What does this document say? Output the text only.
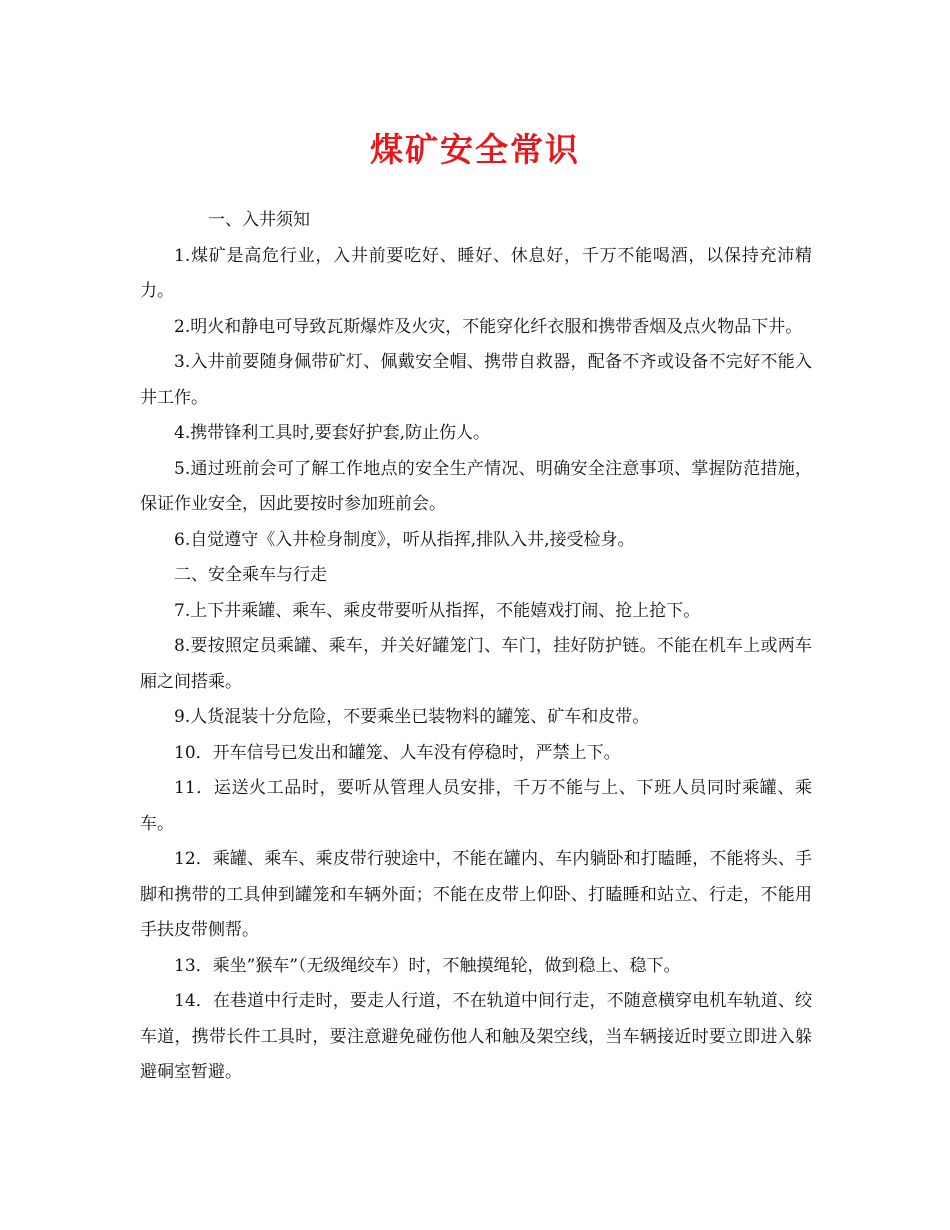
煤矿安全常识

一、入井须知

1.煤矿是高危行业，入井前要吃好、睡好、休息好，千万不能喝酒，以保持充沛精力。

2.明火和静电可导致瓦斯爆炸及火灾，不能穿化纤衣服和携带香烟及点火物品下井。

3.入井前要随身佩带矿灯、佩戴安全帽、携带自救器，配备不齐或设备不完好不能入井工作。

4.携带锋利工具时,要套好护套,防止伤人。

5.通过班前会可了解工作地点的安全生产情况、明确安全注意事项、掌握防范措施，保证作业安全，因此要按时参加班前会。

6.自觉遵守《入井检身制度》，听从指挥,排队入井,接受检身。

二、安全乘车与行走

7.上下井乘罐、乘车、乘皮带要听从指挥，不能嬉戏打闹、抢上抢下。

8.要按照定员乘罐、乘车，并关好罐笼门、车门，挂好防护链。不能在机车上或两车厢之间搭乘。

9.人货混装十分危险，不要乘坐已装物料的罐笼、矿车和皮带。

10．开车信号已发出和罐笼、人车没有停稳时，严禁上下。

11．运送火工品时，要听从管理人员安排，千万不能与上、下班人员同时乘罐、乘车。

12．乘罐、乘车、乘皮带行驶途中，不能在罐内、车内躺卧和打瞌睡，不能将头、手脚和携带的工具伸到罐笼和车辆外面；不能在皮带上仰卧、打瞌睡和站立、行走，不能用手扶皮带侧帮。

13．乘坐”猴车”（无级绳绞车）时，不触摸绳轮，做到稳上、稳下。

14．在巷道中行走时，要走人行道，不在轨道中间行走，不随意横穿电机车轨道、绞车道，携带长件工具时，要注意避免碰伤他人和触及架空线，当车辆接近时要立即进入躲避硐室暂避。
